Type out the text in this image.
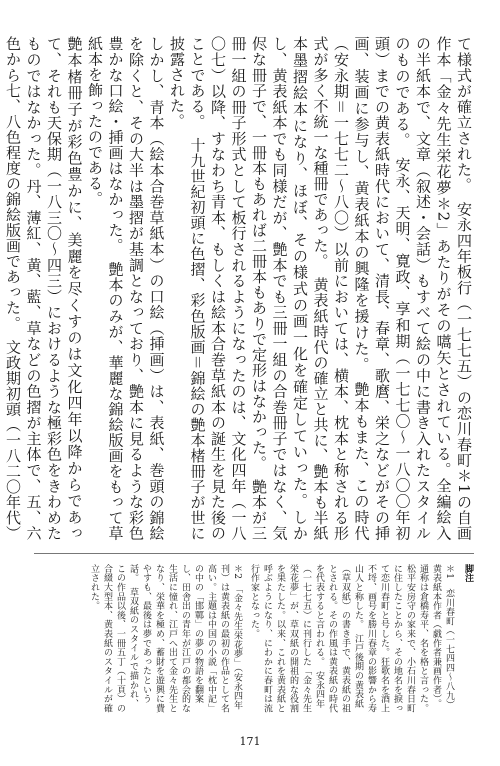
て様式が確立された。　安永四年板行（一七七五）の恋川春町＊1の自画作本「金々先生栄花夢＊2」あたりがその嚆矢とされている。全編絵入の半紙本で、文章（叙述・会話）もすべて絵の中に書き入れたスタイルのものである。　安永、天明、寛政、享和期（一七七〇〜一八〇〇年初頭）までの黄表紙時代において、清長、春章、歌麿、栄之などがその挿画、装画に参与し、黄表紙本の興隆を援けた。　艶本もまた、この時代（安永期＝一七七二〜八〇）以前においては、横本、枕本と称される形式が多く不統一な種冊であった。　黄表紙時代の確立と共に、艶本も半紙本墨摺絵本になり、ほぼ、その様式の画一化を確定していった。しかし、黄表紙本でも同様だが、艶本でも三冊一組の合巻冊子ではなく、気侭な冊子で、一冊本もあれば二冊本もありで定形はなかった。　艶本が三冊一組の冊子形式として板行されるようになったのは、文化四年（一八〇七）以降、すなわち青本、もしくは絵本合巻草紙本の誕生を見た後のことである。　十九世紀初頭に色摺、彩色版画＝錦絵の艶本楮冊子が世に披露された。

しかし、青本（絵本合巻草紙本）の口絵（挿画）は、表紙、巻頭の錦絵を除くと、その大半は墨摺が基調となっており、艶本に見るような彩色豊かな口絵・挿画はなかった。　艶本のみが、華麗な錦絵版画をもって草紙本を飾ったのである。

艶本楮冊子が彩色豊かに、美麗を尽くすのは文化四年以降からであって、それも天保期（一八三〇〜四三）におけるような極彩色をきわめたものではなかった。丹、薄紅、黄、藍、草などの色摺が主体で、五、六色から七、八色程度の錦絵版画であった。　文政期初頭（一八二〇年代）

脚注

＊1　恋川春町（一七四四〜八九）黄表紙本作者（戯作者兼画作者）。通称は倉橋寿平、名を格と言った。　松平安房守の家来で、小石川春日町に住したことから、その地名を捩って恋川春町と号した。狂歌名を酒上不埒、画号を勝川春章の影響から寿山人と称した。　江戸後期の黄表紙（草双紙）の書き手で、黄表紙の祖とされる。その作風は黄表紙の時代を代表すると言われる。　安永四年（一七七五）に刊行した「金々先生栄花夢」が、草双紙の開祖的な役割を果たした。以来、これを黄表紙と呼ぶようになり、にわかに春町は流行作家となった。

＊2　「金々先生栄花夢」（安永四年刊）は黄表紙の最初の作品として名高い。主題は中国の小説「枕中記」の中の「邯鄲」の夢の物語を翻案し、田舎出の青年が江戸の都会的な生活に憧れ、江戸へ出て金々先生となり、栄華を極め、蓄財を遊興に費やすも、最後は夢であったという話。　草双紙のスタイルで描かれ、この作品以後、一冊五丁（十頁）の合綴大型本、黄表紙のスタイルが確立された。

171
